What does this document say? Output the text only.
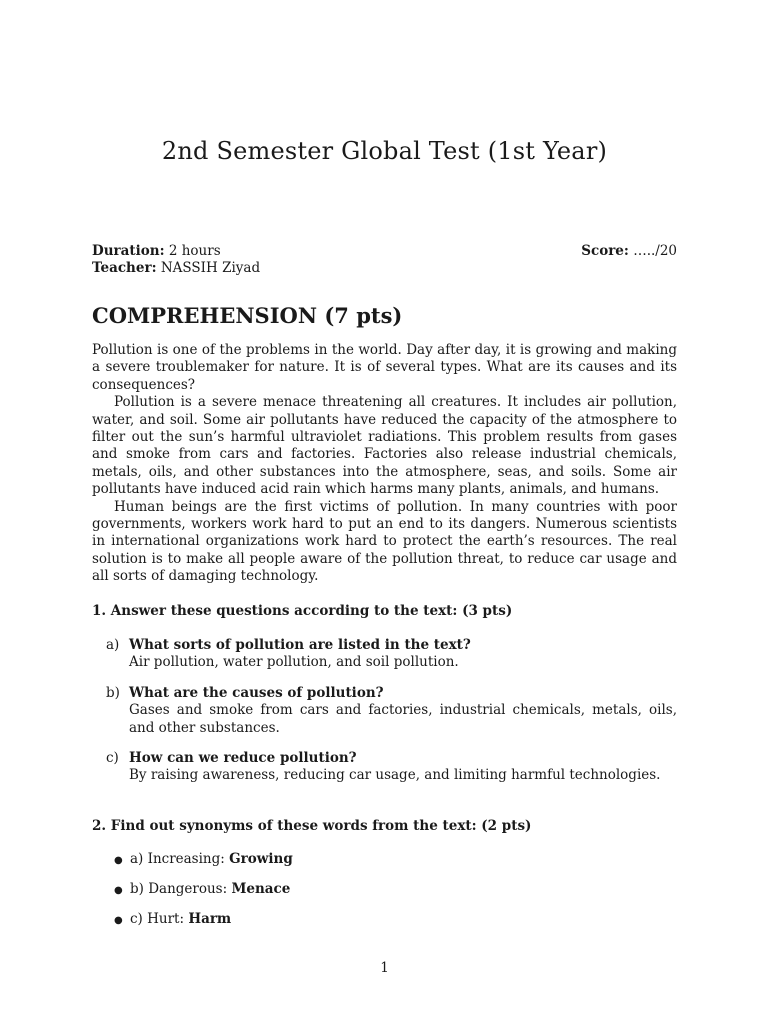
2nd Semester Global Test (1st Year)
Duration: 2 hours	Score: …../20
Teacher: NASSIH Ziyad
COMPREHENSION (7 pts)

Pollution is one of the problems in the world. Day after day, it is growing and making a severe troublemaker for nature. It is of several types. What are its causes and its consequences?

Pollution is a severe menace threatening all creatures. It includes air pollution, water, and soil. Some air pollutants have reduced the capacity of the atmosphere to filter out the sun’s harmful ultraviolet radiations. This problem results from gases and smoke from cars and factories. Factories also release industrial chemicals, metals, oils, and other substances into the atmosphere, seas, and soils. Some air pollutants have induced acid rain which harms many plants, animals, and humans.

Human beings are the first victims of pollution. In many countries with poor governments, workers work hard to put an end to its dangers. Numerous scientists in international organizations work hard to protect the earth’s resources. The real solution is to make all people aware of the pollution threat, to reduce car usage and all sorts of damaging technology.

1. Answer these questions according to the text: (3 pts)

a) What sorts of pollution are listed in the text?
Air pollution, water pollution, and soil pollution.
b) What are the causes of pollution?
Gases and smoke from cars and factories, industrial chemicals, metals, oils, and other substances.
c) How can we reduce pollution?
By raising awareness, reducing car usage, and limiting harmful technologies.

2. Find out synonyms of these words from the text: (2 pts)

● a) Increasing:
Growing
● b) Dangerous:
Menace
● c) Hurt:
Harm
1
